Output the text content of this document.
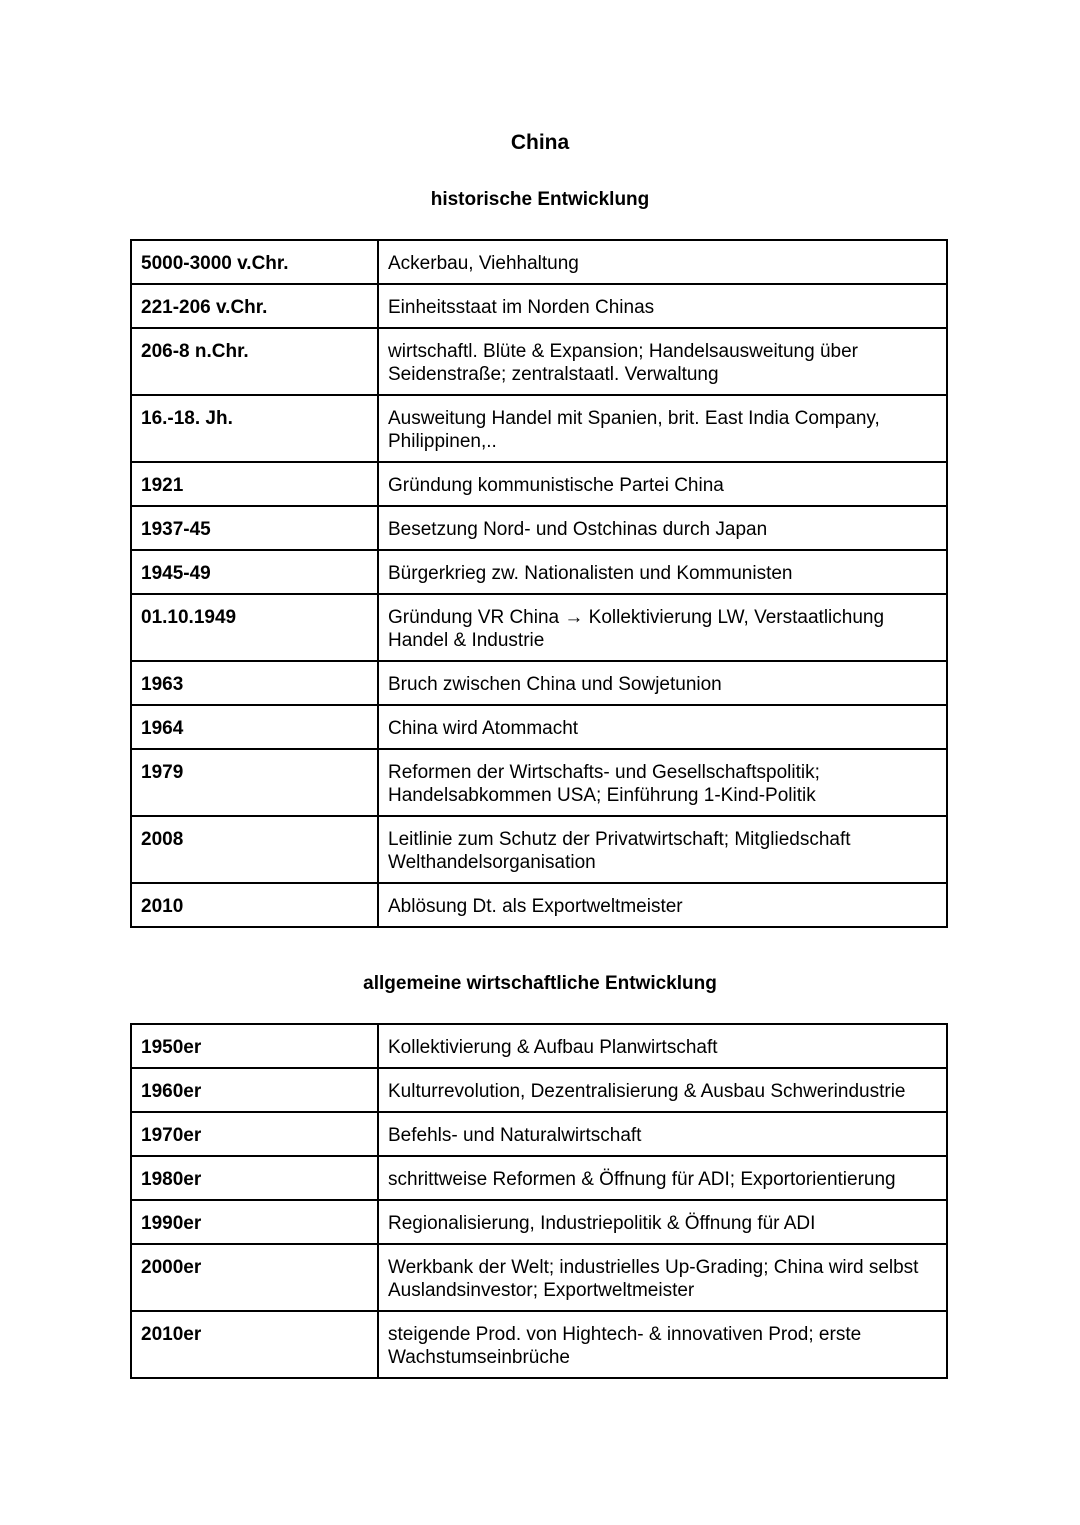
China
historische Entwicklung
5000-3000 v.Chr.	Ackerbau, Viehhaltung
221-206 v.Chr.	Einheitsstaat im Norden Chinas
206-8 n.Chr.	wirtschaftl. Blüte & Expansion; Handelsausweitung über Seidenstraße; zentralstaatl. Verwaltung
16.-18. Jh.	Ausweitung Handel mit Spanien, brit. East India Company, Philippinen,..
1921	Gründung kommunistische Partei China
1937-45	Besetzung Nord- und Ostchinas durch Japan
1945-49	Bürgerkrieg zw. Nationalisten und Kommunisten
01.10.1949	Gründung VR China → Kollektivierung LW, Verstaatlichung Handel & Industrie
1963	Bruch zwischen China und Sowjetunion
1964	China wird Atommacht
1979	Reformen der Wirtschafts- und Gesellschaftspolitik; Handelsabkommen USA; Einführung 1-Kind-Politik
2008	Leitlinie zum Schutz der Privatwirtschaft; Mitgliedschaft Welthandelsorganisation
2010	Ablösung Dt. als Exportweltmeister
allgemeine wirtschaftliche Entwicklung
1950er	Kollektivierung & Aufbau Planwirtschaft
1960er	Kulturrevolution, Dezentralisierung & Ausbau Schwerindustrie
1970er	Befehls- und Naturalwirtschaft
1980er	schrittweise Reformen & Öffnung für ADI; Exportorientierung
1990er	Regionalisierung, Industriepolitik & Öffnung für ADI
2000er	Werkbank der Welt; industrielles Up-Grading; China wird selbst Auslandsinvestor; Exportweltmeister
2010er	steigende Prod. von Hightech- & innovativen Prod; erste Wachstumseinbrüche
